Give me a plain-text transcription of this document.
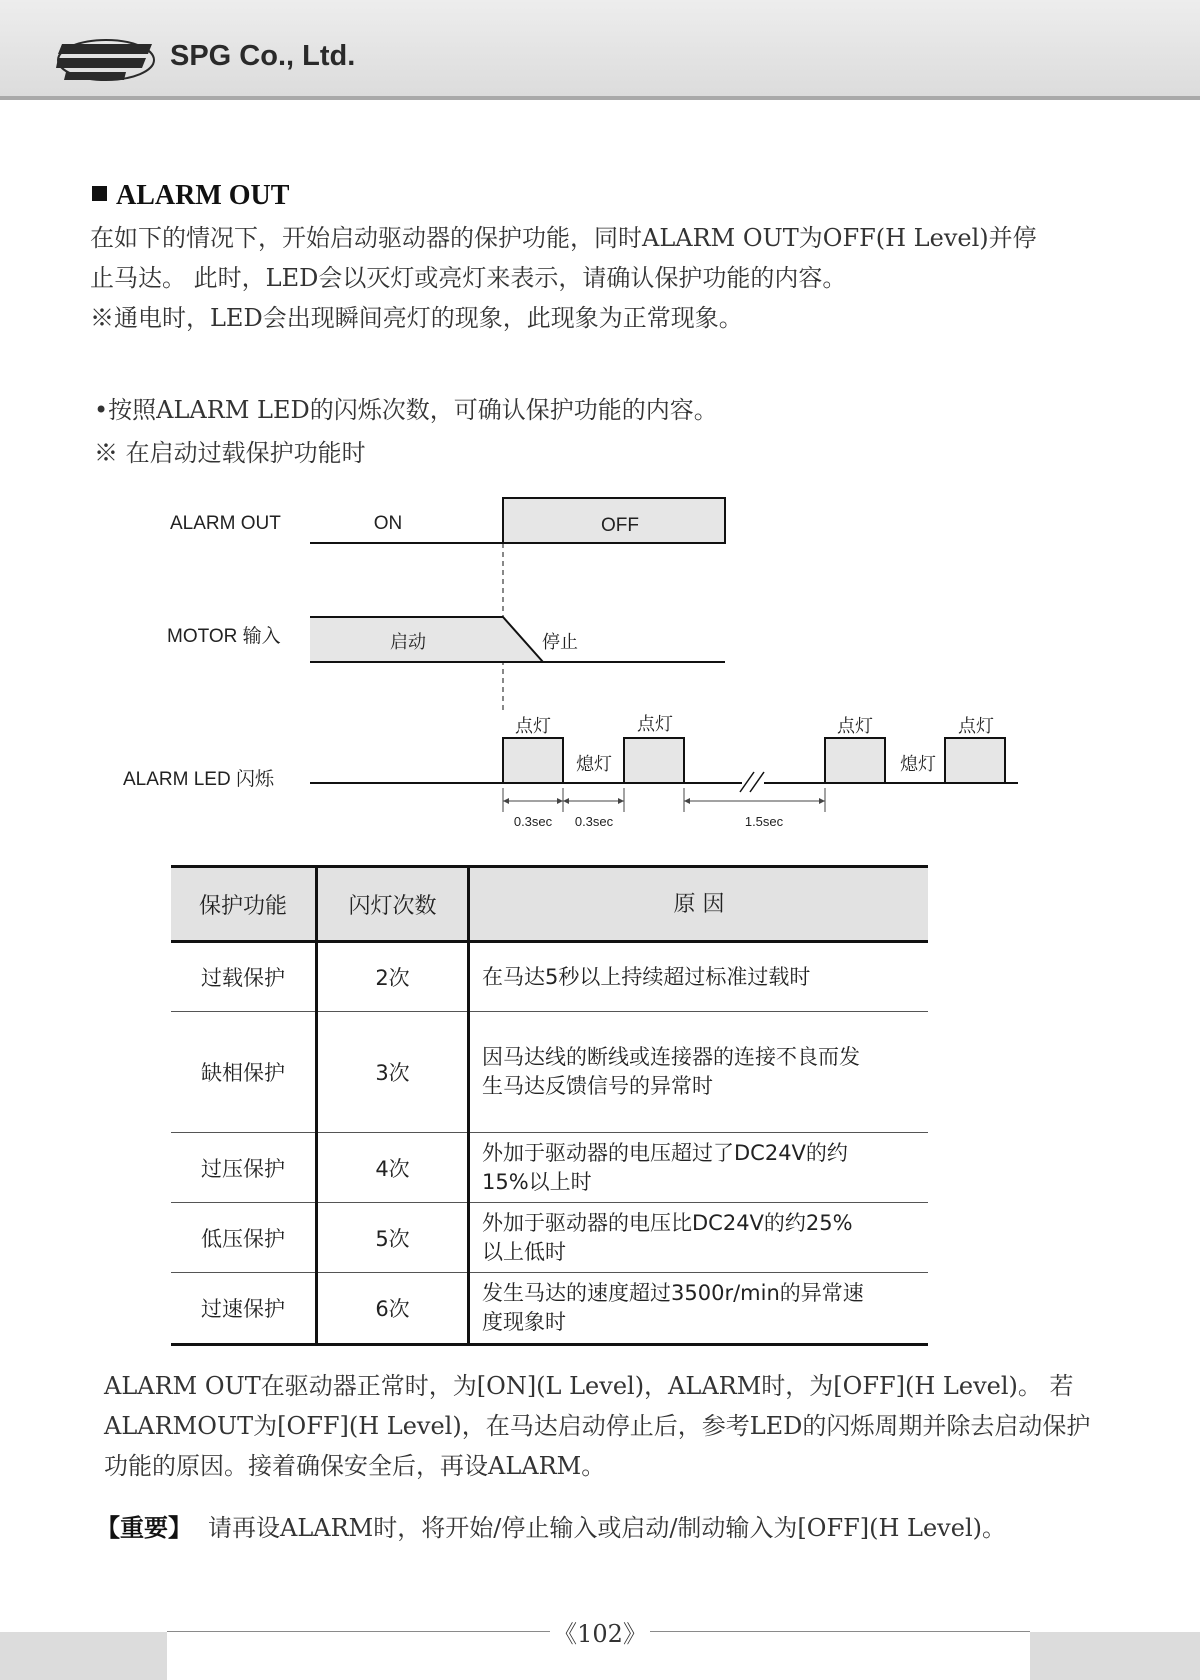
SPG Co., Ltd.
ALARM OUT
在如下的情况下，开始启动驱动器的保护功能，同时ALARM OUT为OFF(H Level)并停
止马达。 此时，LED会以灭灯或亮灯来表示，请确认保护功能的内容。
※通电时，LED会出现瞬间亮灯的现象，此现象为正常现象。
•按照ALARM LED的闪烁次数，可确认保护功能的内容。
※ 在启动过载保护功能时
ALARM OUT	ON	OFF
MOTOR 输入	启动	停止
ALARM LED 闪烁
点灯	点灯	点灯	点灯
熄灯	熄灯
0.3sec 0.3sec	1.5sec
保护功能	闪灯次数	原 因
过载保护	2次	在马达5秒以上持续超过标准过载时

缺相保护	3次	因马达线的断线或连接器的连接不良而发
生马达反馈信号的异常时

过压保护	4次	外加于驱动器的电压超过了DC24V的约
15%以上时

低压保护	5次	外加于驱动器的电压比DC24V的约25%
以上低时

过速保护	6次	发生马达的速度超过3500r/min的异常速
度现象时
ALARM OUT在驱动器正常时，为[ON](L Level)，ALARM时，为[OFF](H Level)。 若
ALARMOUT为[OFF](H Level)，在马达启动停止后，参考LED的闪烁周期并除去启动保护
功能的原因。接着确保安全后，再设ALARM。
【重要】 请再设ALARM时，将开始/停止输入或启动/制动输入为[OFF](H Level)。
《102》
